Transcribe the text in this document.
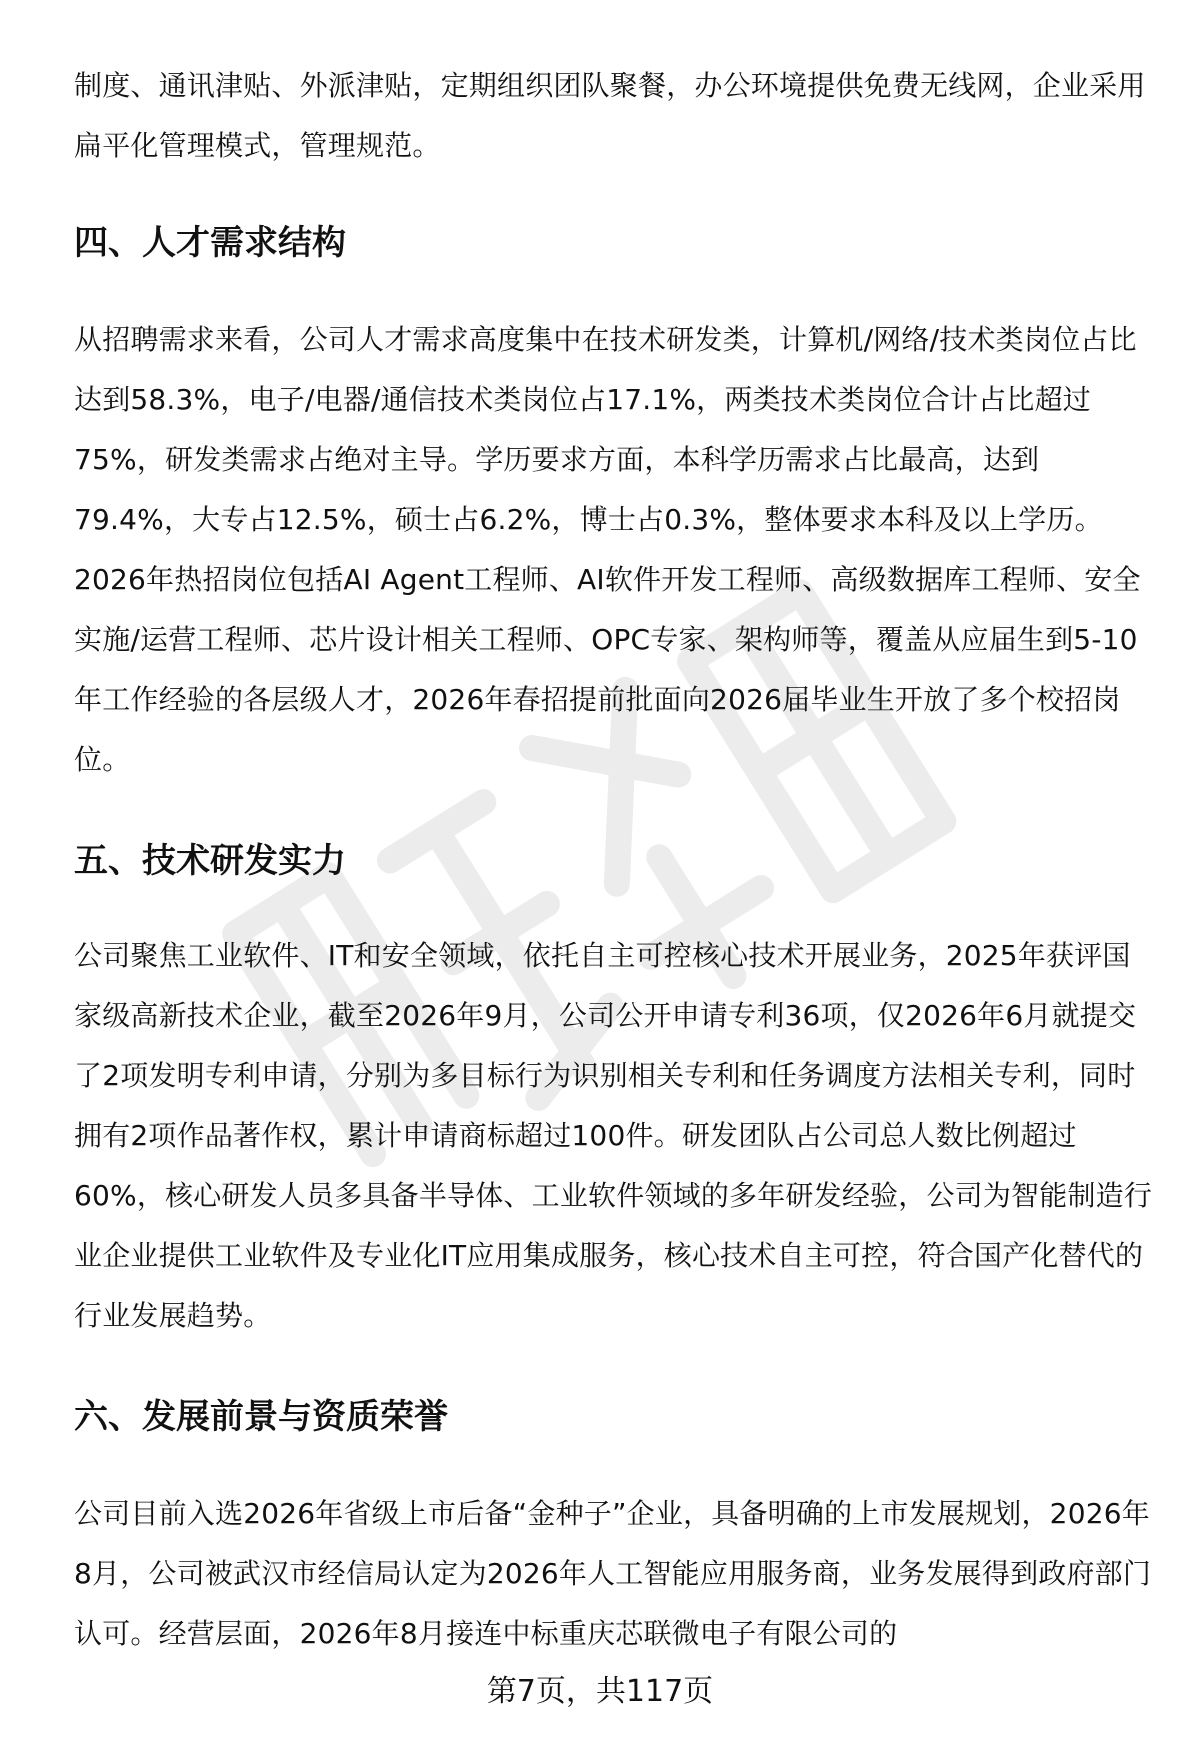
制度、通讯津贴、外派津贴，定期组织团队聚餐，办公环境提供免费无线网，企业采用扁平化管理模式，管理规范。

四、人才需求结构

从招聘需求来看，公司人才需求高度集中在技术研发类，计算机/网络/技术类岗位占比达到58.3%，电子/电器/通信技术类岗位占17.1%，两类技术类岗位合计占比超过75%，研发类需求占绝对主导。学历要求方面，本科学历需求占比最高，达到79.4%，大专占12.5%，硕士占6.2%，博士占0.3%，整体要求本科及以上学历。2026年热招岗位包括AI Agent工程师、AI软件开发工程师、高级数据库工程师、安全实施/运营工程师、芯片设计相关工程师、OPC专家、架构师等，覆盖从应届生到5-10年工作经验的各层级人才，2026年春招提前批面向2026届毕业生开放了多个校招岗位。

五、技术研发实力

公司聚焦工业软件、IT和安全领域，依托自主可控核心技术开展业务，2025年获评国家级高新技术企业，截至2026年9月，公司公开申请专利36项，仅2026年6月就提交了2项发明专利申请，分别为多目标行为识别相关专利和任务调度方法相关专利，同时拥有2项作品著作权，累计申请商标超过100件。研发团队占公司总人数比例超过60%，核心研发人员多具备半导体、工业软件领域的多年研发经验，公司为智能制造行业企业提供工业软件及专业化IT应用集成服务，核心技术自主可控，符合国产化替代的行业发展趋势。

六、发展前景与资质荣誉

公司目前入选2026年省级上市后备“金种子”企业，具备明确的上市发展规划，2026年8月，公司被武汉市经信局认定为2026年人工智能应用服务商，业务发展得到政府部门认可。经营层面，2026年8月接连中标重庆芯联微电子有限公司的

第7页，共117页
